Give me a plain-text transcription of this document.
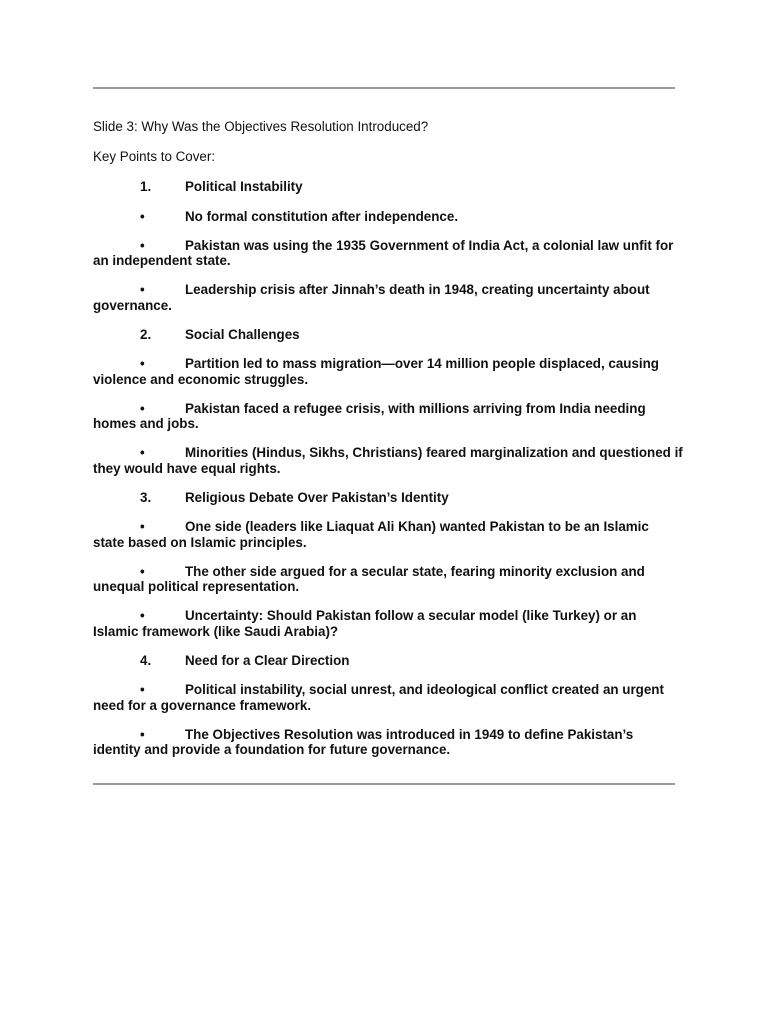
Slide 3: Why Was the Objectives Resolution Introduced?
Key Points to Cover:
1.	Political Instability
•	No formal constitution after independence.
•	Pakistan was using the 1935 Government of India Act, a colonial law unfit for an independent state.
•	Leadership crisis after Jinnah’s death in 1948, creating uncertainty about governance.
2.	Social Challenges
•	Partition led to mass migration—over 14 million people displaced, causing violence and economic struggles.
•	Pakistan faced a refugee crisis, with millions arriving from India needing homes and jobs.
•	Minorities (Hindus, Sikhs, Christians) feared marginalization and questioned if they would have equal rights.
3.	Religious Debate Over Pakistan’s Identity
•	One side (leaders like Liaquat Ali Khan) wanted Pakistan to be an Islamic state based on Islamic principles.
•	The other side argued for a secular state, fearing minority exclusion and unequal political representation.
•	Uncertainty: Should Pakistan follow a secular model (like Turkey) or an Islamic framework (like Saudi Arabia)?
4.	Need for a Clear Direction
•	Political instability, social unrest, and ideological conflict created an urgent need for a governance framework.
•	The Objectives Resolution was introduced in 1949 to define Pakistan’s identity and provide a foundation for future governance.
